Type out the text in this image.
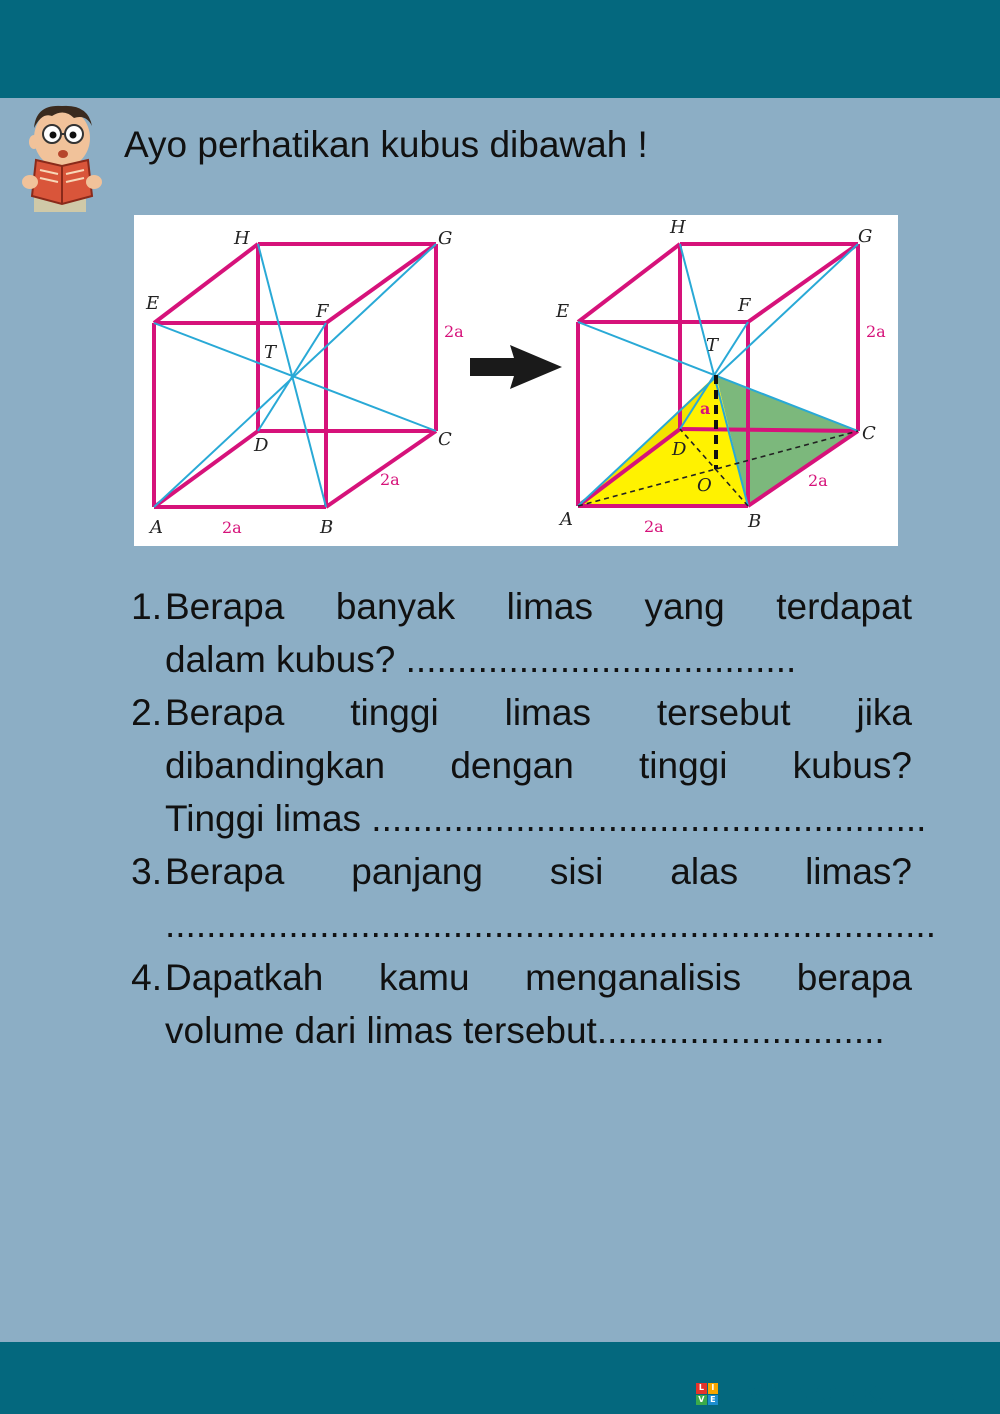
Ayo perhatikan kubus dibawah !
A	B
C
D
E	F
G
H
T
2a
2a
2a
A	B
C
D
E	F
G
H
T
O
2a
2a
2a
a
1. Berapa banyak limas yang terdapat
dalam kubus? ......................................
2. Berapa tinggi limas tersebut jika
dibandingkan dengan tinggi kubus?
Tinggi limas ......................................................
3. Berapa panjang sisi alas limas?
...........................................................................
4. Dapatkah kamu menganalisis berapa
volume dari limas tersebut............................
L I
V E LIVEWORKSHEETS
